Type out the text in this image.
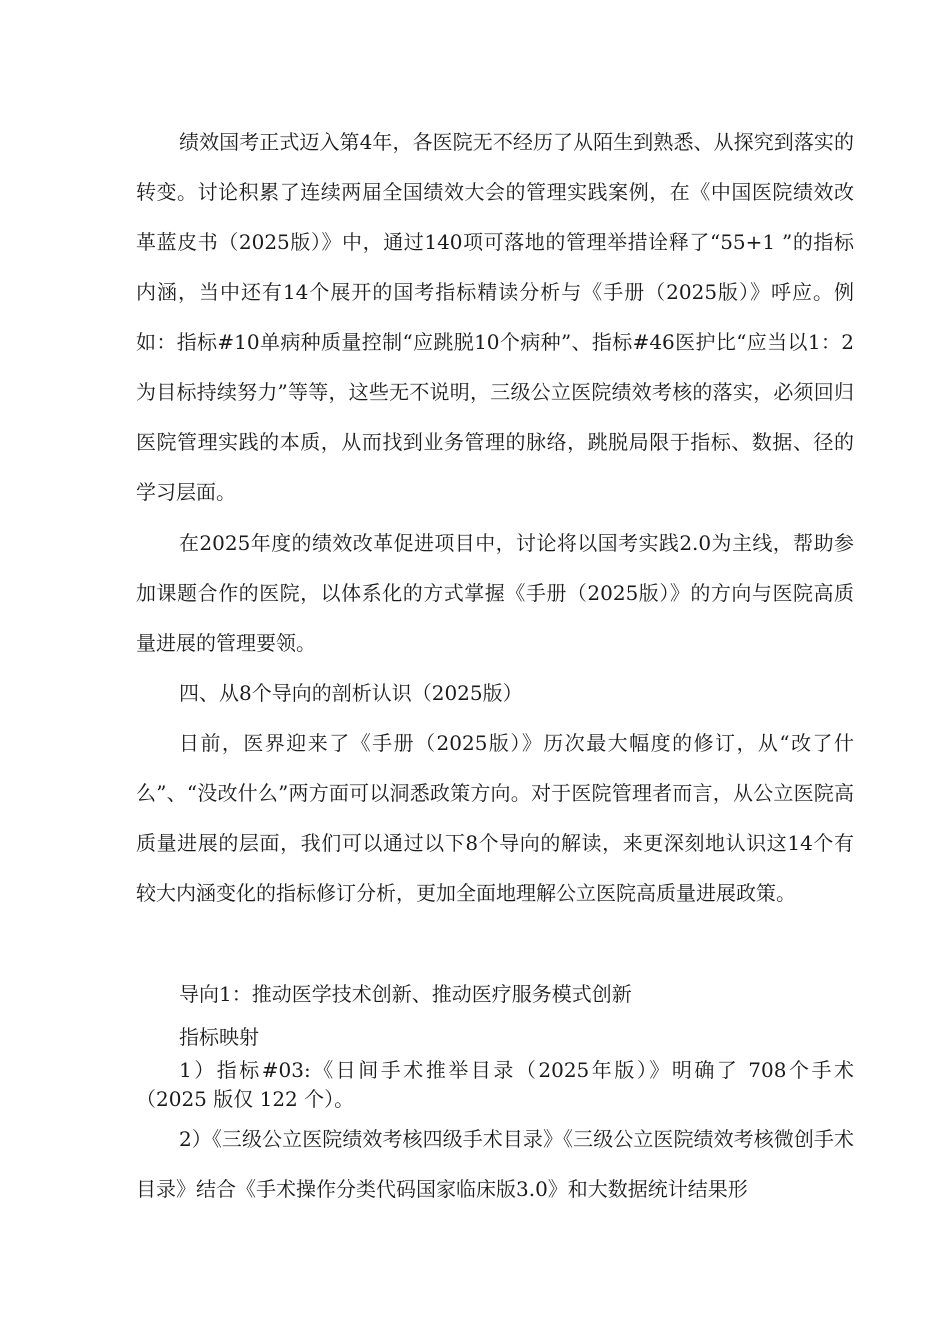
绩效国考正式迈入第4年，各医院无不经历了从陌生到熟悉、从探究到落实的转变。讨论积累了连续两届全国绩效大会的管理实践案例，在《中国医院绩效改革蓝皮书（2025版）》中，通过140项可落地的管理举措诠释了“55+1 ”的指标内涵，当中还有14个展开的国考指标精读分析与《手册（2025版）》呼应。例如：指标#10单病种质量控制“应跳脱10个病种”、指标#46医护比“应当以1：2为目标持续努力”等等，这些无不说明，三级公立医院绩效考核的落实，必须回归医院管理实践的本质，从而找到业务管理的脉络，跳脱局限于指标、数据、径的学习层面。

在2025年度的绩效改革促进项目中，讨论将以国考实践2.0为主线，帮助参加课题合作的医院，以体系化的方式掌握《手册（2025版）》的方向与医院高质量进展的管理要领。

四、从8个导向的剖析认识（2025版）

日前，医界迎来了《手册（2025版）》历次最大幅度的修订，从“改了什么”、“没改什么”两方面可以洞悉政策方向。对于医院管理者而言，从公立医院高质量进展的层面，我们可以通过以下8个导向的解读，来更深刻地认识这14个有较大内涵变化的指标修订分析，更加全面地理解公立医院高质量进展政策。

导向1：推动医学技术创新、推动医疗服务模式创新

指标映射

1）指标#03:《日间手术推举目录（2025年版）》明确了 708个手术（2025 版仅 122 个）。

2）《三级公立医院绩效考核四级手术目录》《三级公立医院绩效考核微创手术目录》结合《手术操作分类代码国家临床版3.0》和大数据统计结果形
